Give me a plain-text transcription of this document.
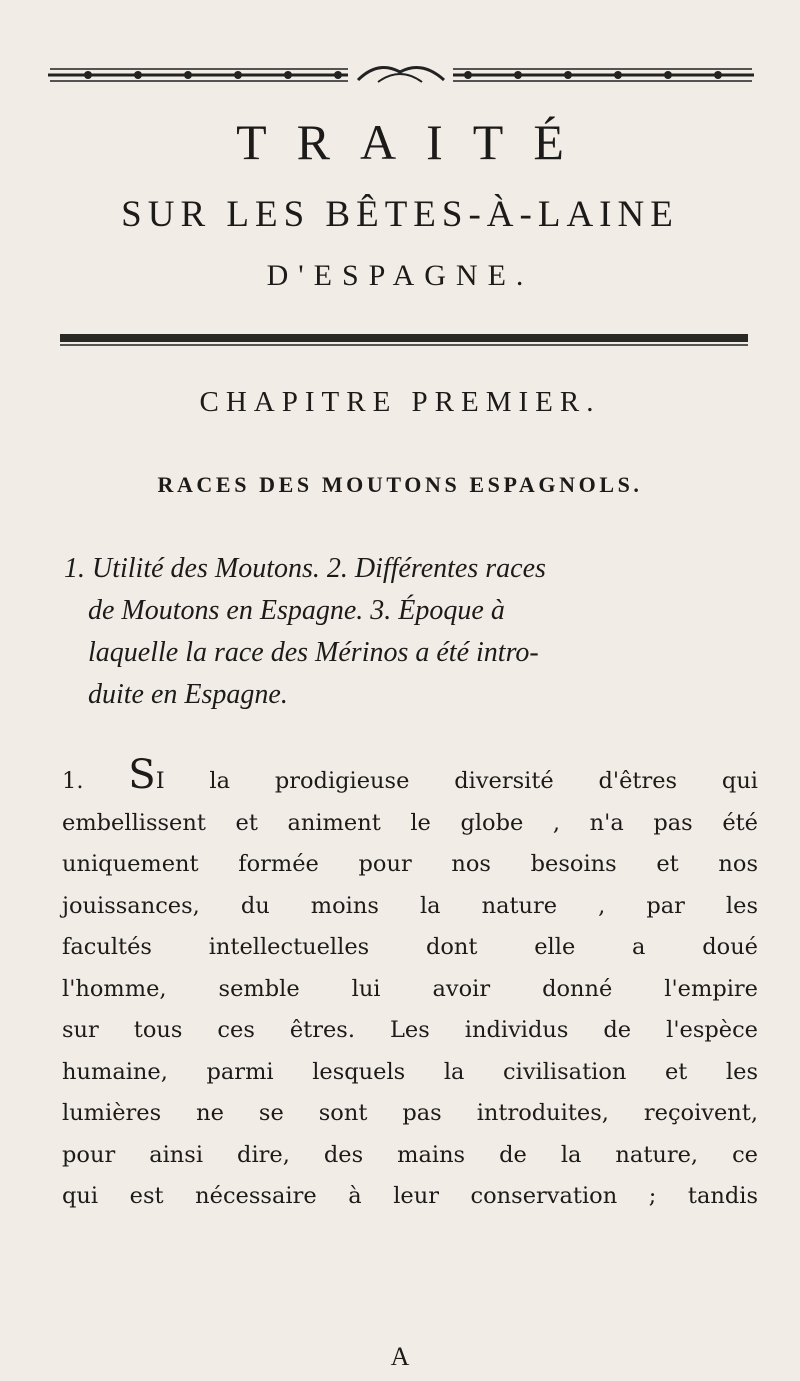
TRAITÉ
SUR LES BÊTES-À-LAINE
D'ESPAGNE.
CHAPITRE PREMIER.
RACES DES MOUTONS ESPAGNOLS.
1. Utilité des Moutons. 2. Différentes races
de Moutons en Espagne. 3. Époque à
laquelle la race des Mérinos a été intro-
duite en Espagne.
1. SI la prodigieuse diversité d'êtres qui
embellissent et animent le globe , n'a pas été
uniquement formée pour nos besoins et nos
jouissances, du moins la nature , par les
facultés intellectuelles dont elle a doué
l'homme, semble lui avoir donné l'empire
sur tous ces êtres. Les individus de l'espèce
humaine, parmi lesquels la civilisation et les
lumières ne se sont pas introduites, reçoivent,
pour ainsi dire, des mains de la nature, ce
qui est nécessaire à leur conservation ; tandis
A
